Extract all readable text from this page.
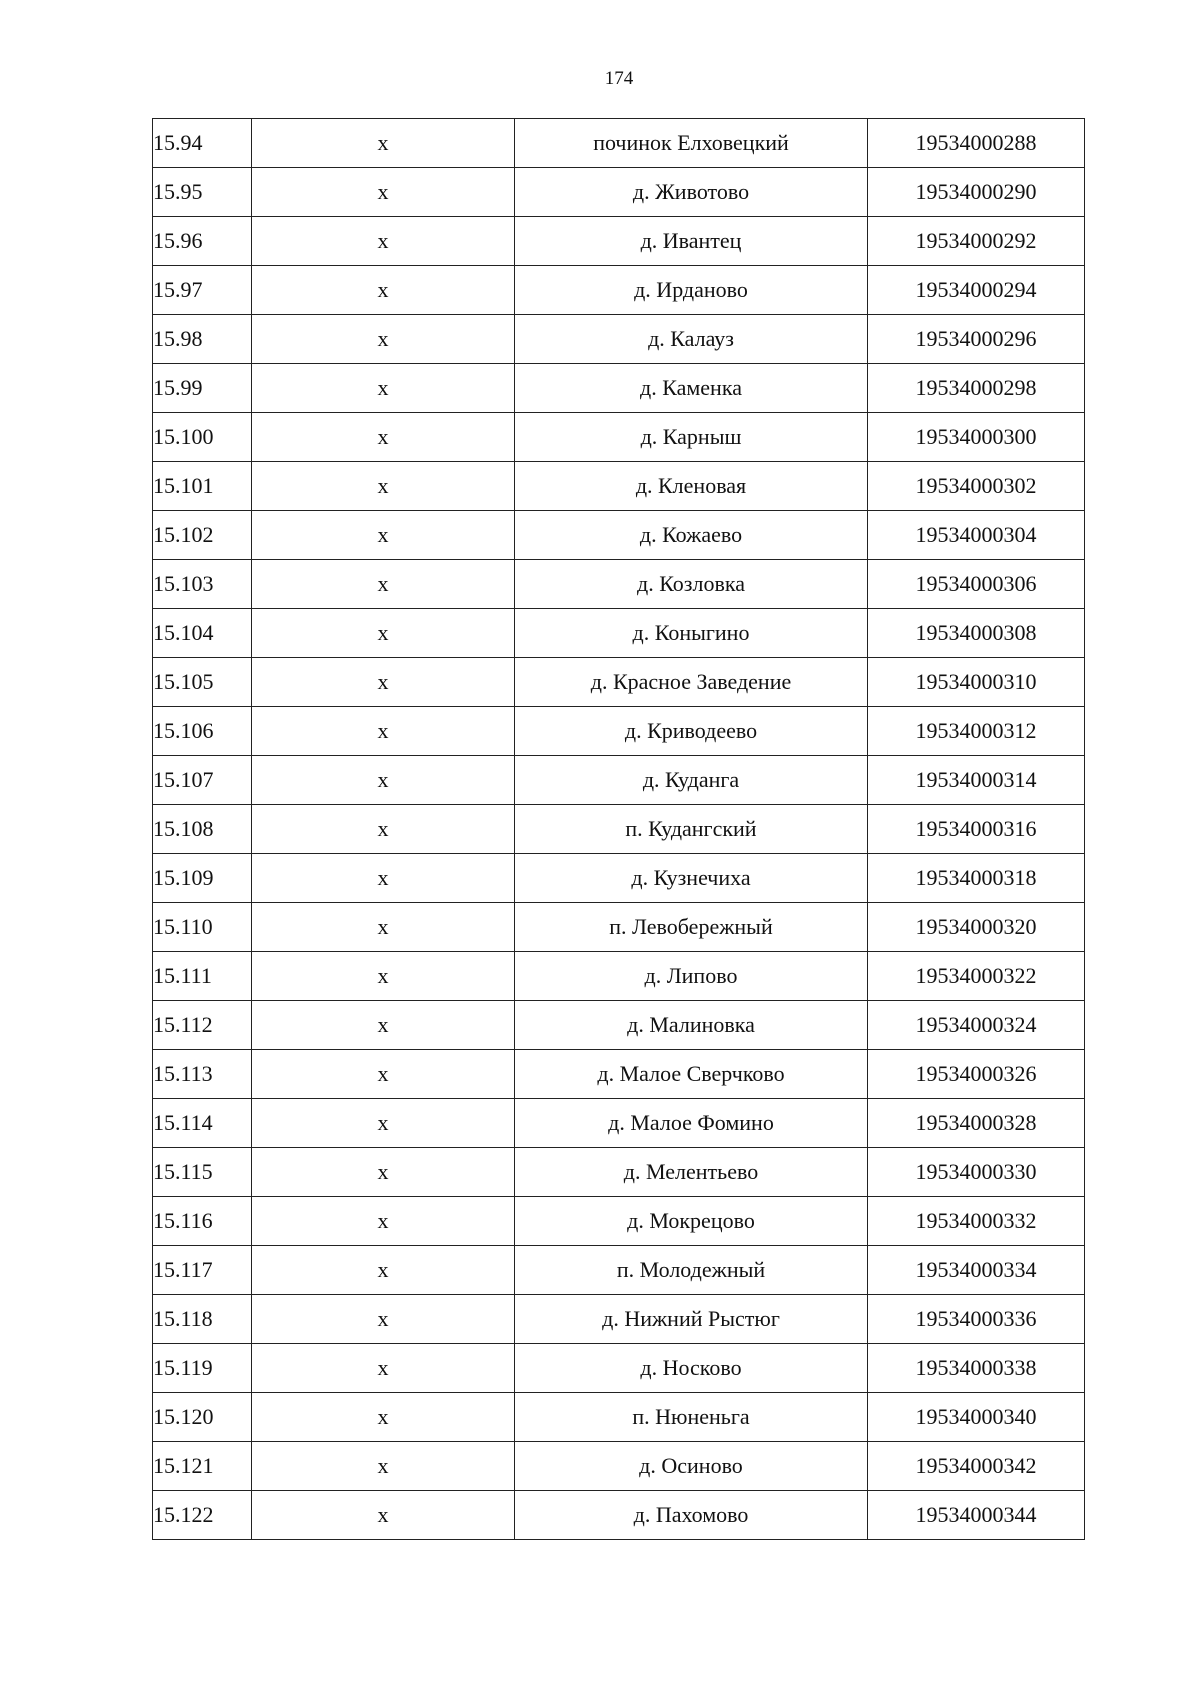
174
15.94	х	починок Елховецкий	19534000288
15.95	х	д. Животово	19534000290
15.96	х	д. Ивантец	19534000292
15.97	х	д. Ирданово	19534000294
15.98	х	д. Калауз	19534000296
15.99	х	д. Каменка	19534000298
15.100	х	д. Карныш	19534000300
15.101	х	д. Кленовая	19534000302
15.102	х	д. Кожаево	19534000304
15.103	х	д. Козловка	19534000306
15.104	х	д. Коныгино	19534000308
15.105	х	д. Красное Заведение	19534000310
15.106	х	д. Криводеево	19534000312
15.107	х	д. Куданга	19534000314
15.108	х	п. Кудангский	19534000316
15.109	х	д. Кузнечиха	19534000318
15.110	х	п. Левобережный	19534000320
15.111	х	д. Липово	19534000322
15.112	х	д. Малиновка	19534000324
15.113	х	д. Малое Сверчково	19534000326
15.114	х	д. Малое Фомино	19534000328
15.115	х	д. Мелентьево	19534000330
15.116	х	д. Мокрецово	19534000332
15.117	х	п. Молодежный	19534000334
15.118	х	д. Нижний Рыстюг	19534000336
15.119	х	д. Носково	19534000338
15.120	х	п. Нюненьга	19534000340
15.121	х	д. Осиново	19534000342
15.122	х	д. Пахомово	19534000344
